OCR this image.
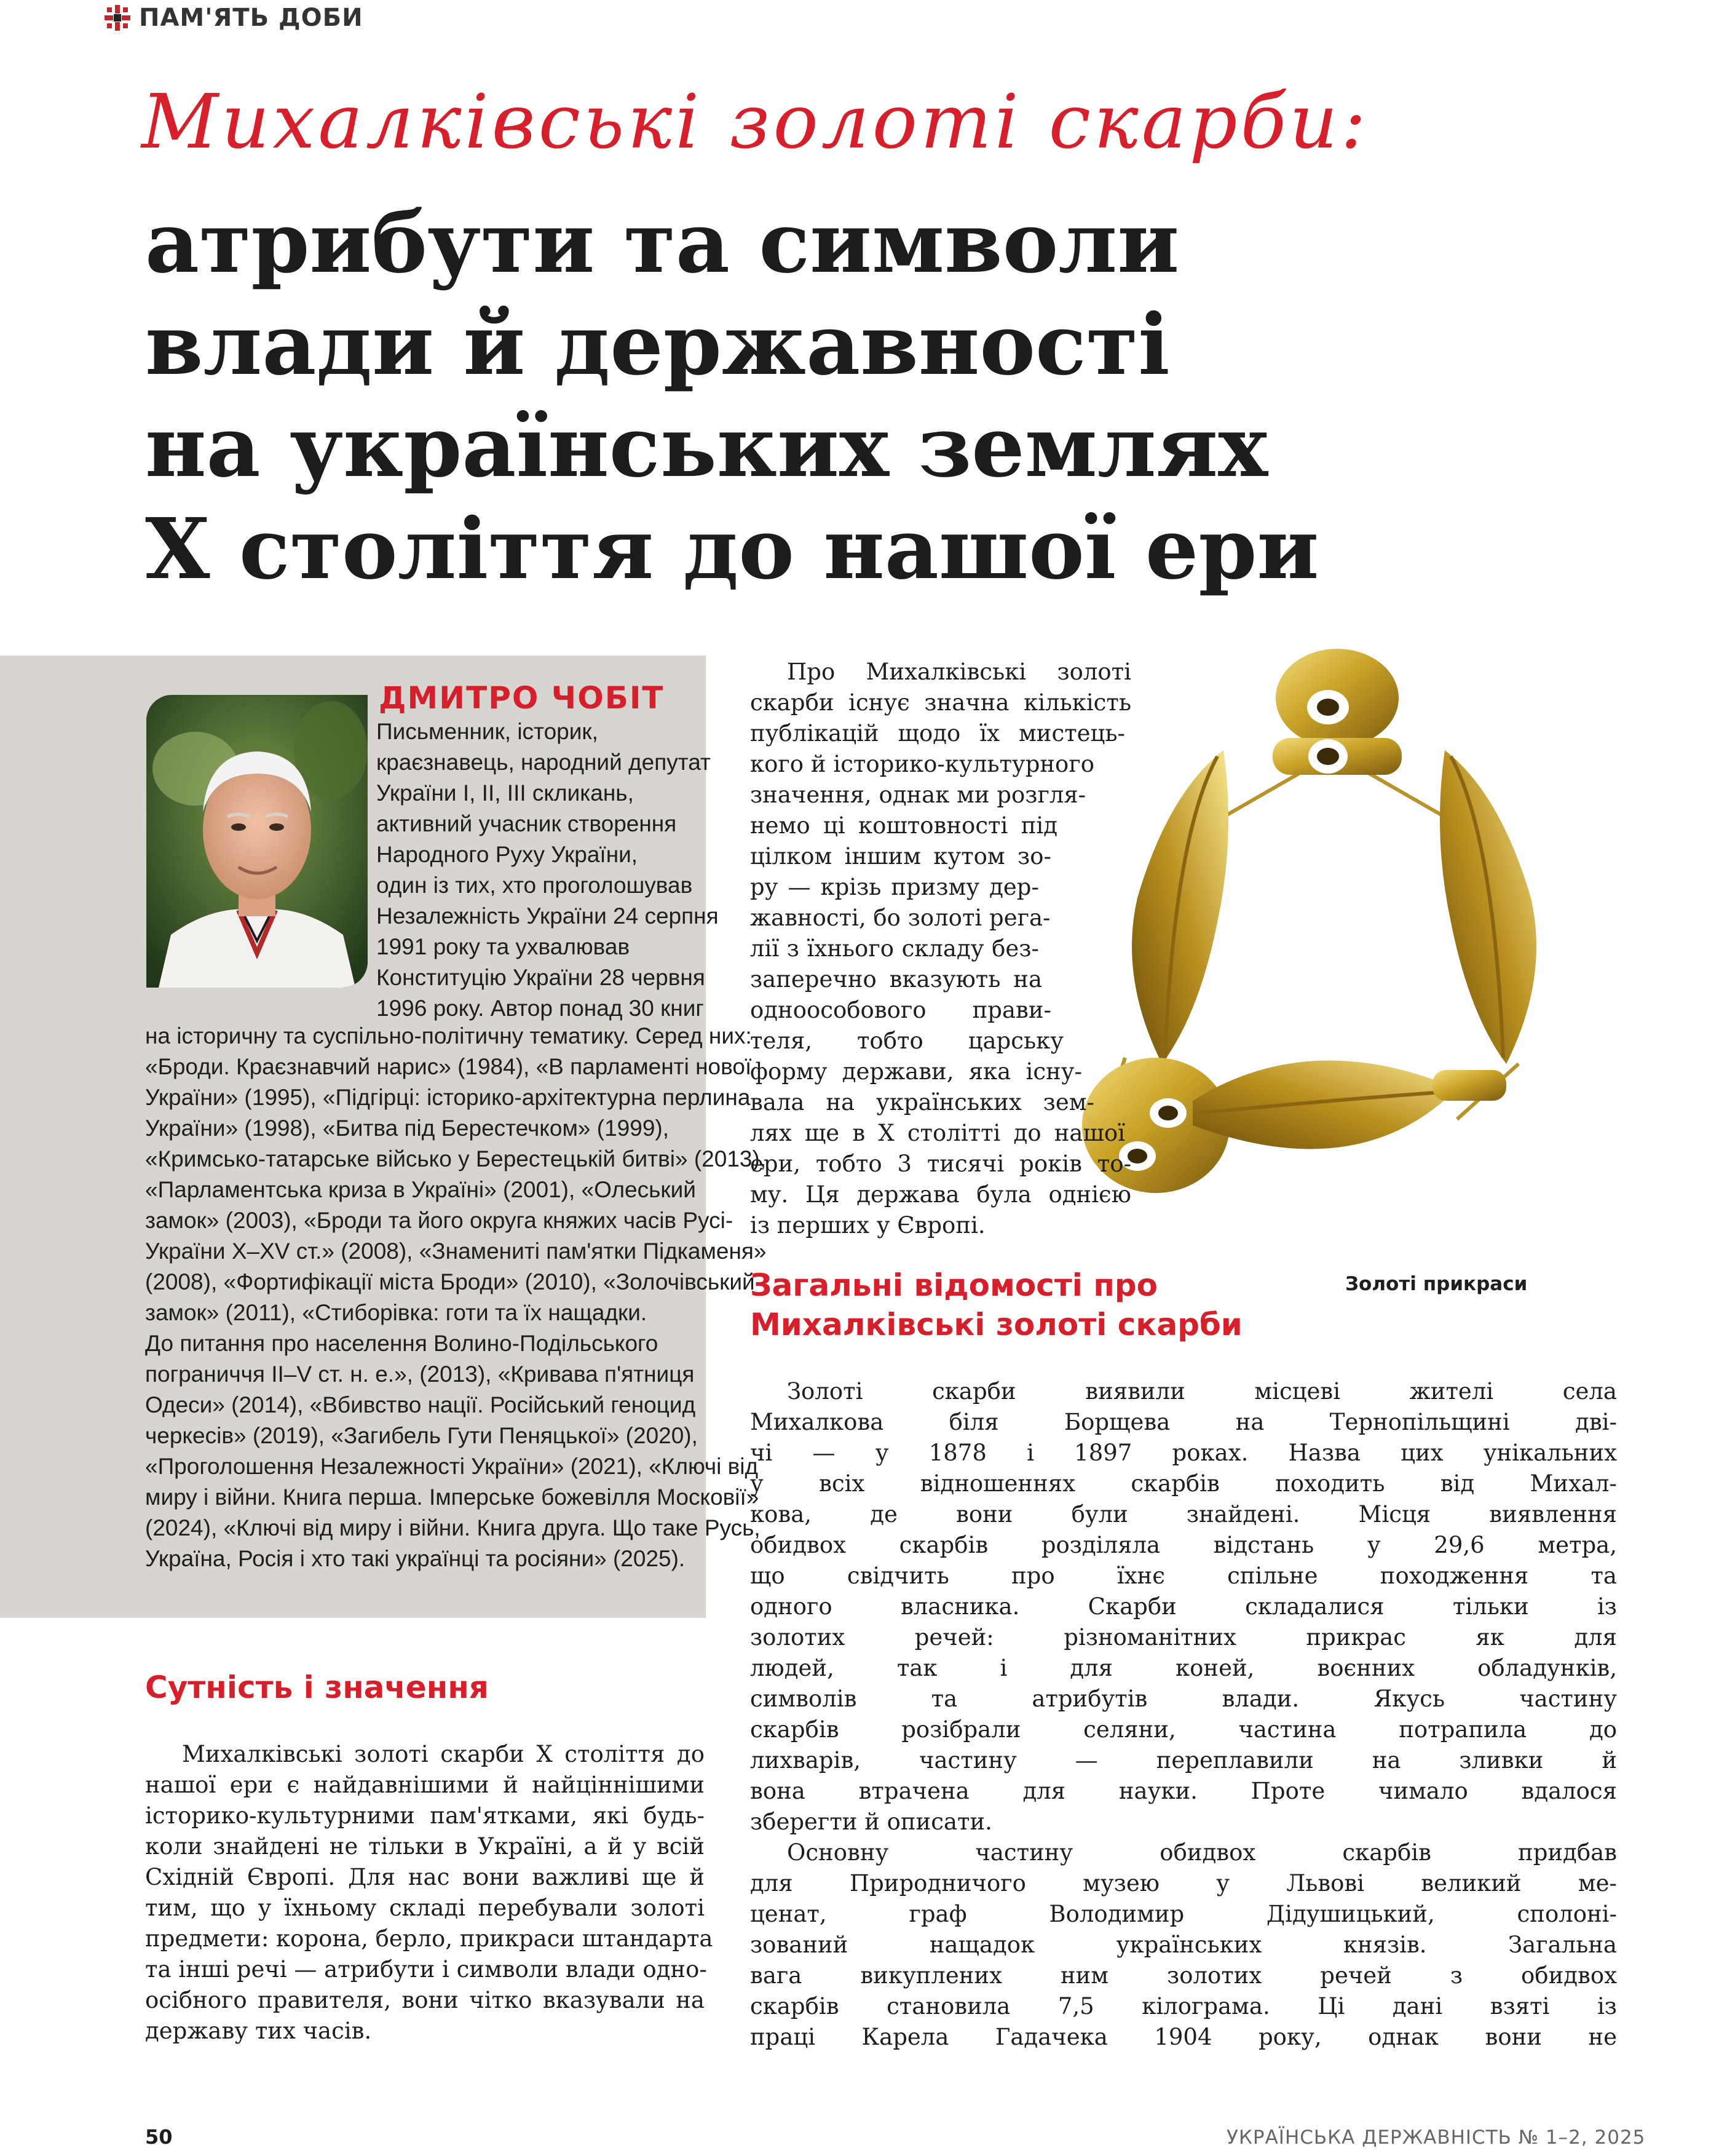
ПАМ'ЯТЬ ДОБИ
Михалківські золоті скарби:
атрибути та символи
влади й державності
на українських землях
Х століття до нашої ери
ДМИТРО ЧОБІТ
Письменник, історик,
краєзнавець, народний депутат
України I, II, III скликань,
активний учасник створення
Народного Руху України,
один із тих, хто проголошував
Незалежність України 24 серпня
1991 року та ухвалював
Конституцію України 28 червня
1996 року. Автор понад 30 книг
на історичну та суспільно-політичну тематику. Серед них:
«Броди. Краєзнавчий нарис» (1984), «В парламенті нової
України» (1995), «Підгірці: історико-архітектурна перлина
України» (1998), «Битва під Берестечком» (1999),
«Кримсько-татарське військо у Берестецькій битві» (2013),
«Парламентська криза в Україні» (2001), «Олеський
замок» (2003), «Броди та його округа княжих часів Русі-
України X–XV ст.» (2008), «Знамениті пам'ятки Підкаменя»
(2008), «Фортифікації міста Броди» (2010), «Золочівський
замок» (2011), «Стиборівка: готи та їх нащадки.
До питання про населення Волино-Подільського
пограниччя II–V ст. н. е.», (2013), «Кривава п'ятниця
Одеси» (2014), «Вбивство нації. Російський геноцид
черкесів» (2019), «Загибель Гути Пеняцької» (2020),
«Проголошення Незалежності України» (2021), «Ключі від
миру і війни. Книга перша. Імперське божевілля Московії»
(2024), «Ключі від миру і війни. Книга друга. Що таке Русь,
Україна, Росія і хто такі українці та росіяни» (2025).
Золоті прикраси
Про Михалківські золоті
скарби існує значна кількість
публікацій щодо їх мистець-
кого й історико-культурного
значення, однак ми розгля-
немо ці коштовності під
цілком іншим кутом зо-
ру — крізь призму дер-
жавності, бо золоті рега-
лії з їхнього складу без-
заперечно вказують на
одноособового прави-
теля, тобто царську
форму держави, яка існу-
вала на українських зем-
лях ще в Х столітті до нашої
ери, тобто 3 тисячі років то-
му. Ця держава була однією
із перших у Європі.
Загальні відомості про
Михалківські золоті скарби
Золоті скарби виявили місцеві жителі села
Михалкова біля Борщева на Тернопільщині дві-
чі — у 1878 і 1897 роках. Назва цих унікальних
у всіх відношеннях скарбів походить від Михал-
кова, де вони були знайдені. Місця виявлення
обидвох скарбів розділяла відстань у 29,6 метра,
що свідчить про їхнє спільне походження та
одного власника. Скарби складалися тільки із
золотих речей: різноманітних прикрас як для
людей, так і для коней, воєнних обладунків,
символів та атрибутів влади. Якусь частину
скарбів розібрали селяни, частина потрапила до
лихварів, частину — переплавили на зливки й
вона втрачена для науки. Проте чимало вдалося
зберегти й описати.
Основну частину обидвох скарбів придбав
для Природничого музею у Львові великий ме-
ценат, граф Володимир Дідушицький, сполоні-
зований нащадок українських князів. Загальна
вага викуплених ним золотих речей з обидвох
скарбів становила 7,5 кілограма. Ці дані взяті із
праці Карела Гадачека 1904 року, однак вони не
Сутність і значення
Михалківські золоті скарби X століття до
нашої ери є найдавнішими й найціннішими
історико-культурними пам'ятками, які будь-
коли знайдені не тільки в Україні, а й у всій
Східній Європі. Для нас вони важливі ще й
тим, що у їхньому складі перебували золоті
предмети: корона, берло, прикраси штандарта
та інші речі — атрибути і символи влади одно-
осібного правителя, вони чітко вказували на
державу тих часів.
50	УКРАЇНСЬКА ДЕРЖАВНІСТЬ № 1–2, 2025
